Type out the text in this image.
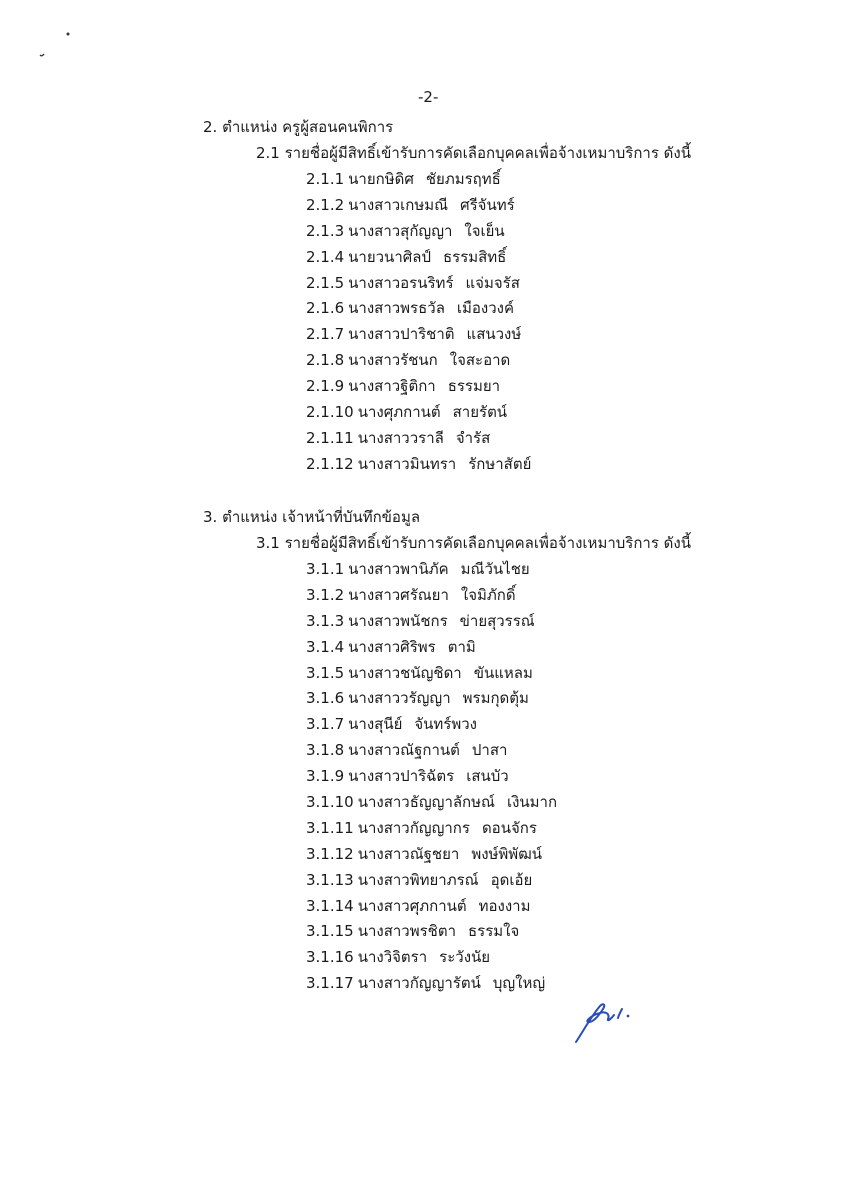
-2-
2. ตำแหน่ง ครูผู้สอนคนพิการ
2.1 รายชื่อผู้มีสิทธิ์เข้ารับการคัดเลือกบุคคลเพื่อจ้างเหมาบริการ ดังนี้
2.1.1 นายกษิดิศ ชัยภมรฤทธิ์
2.1.2 นางสาวเกษมณี ศรีจันทร์
2.1.3 นางสาวสุกัญญา ใจเย็น
2.1.4 นายวนาศิลป์ ธรรมสิทธิ์
2.1.5 นางสาวอรนริทร์ แจ่มจรัส
2.1.6 นางสาวพรธวัล เมืองวงค์
2.1.7 นางสาวปาริชาติ แสนวงษ์
2.1.8 นางสาวรัชนก ใจสะอาด
2.1.9 นางสาวฐิติกา ธรรมยา
2.1.10 นางศุภกานต์ สายรัตน์
2.1.11 นางสาววราลี จำรัส
2.1.12 นางสาวมินทรา รักษาสัตย์
3. ตำแหน่ง เจ้าหน้าที่บันทึกข้อมูล
3.1 รายชื่อผู้มีสิทธิ์เข้ารับการคัดเลือกบุคคลเพื่อจ้างเหมาบริการ ดังนี้
3.1.1 นางสาวพานิภัค มณีวันไชย
3.1.2 นางสาวศรัณยา ใจมิภักดิ์
3.1.3 นางสาวพนัชกร ข่ายสุวรรณ์
3.1.4 นางสาวศิริพร ตามิ
3.1.5 นางสาวชนัญชิดา ขันแหลม
3.1.6 นางสาววรัญญา พรมกุดตุ้ม
3.1.7 นางสุนีย์ จันทร์พวง
3.1.8 นางสาวณัฐกานต์ ปาสา
3.1.9 นางสาวปาริฉัตร เสนบัว
3.1.10 นางสาวธัญญาลักษณ์ เงินมาก
3.1.11 นางสาวกัญญากร ดอนจักร
3.1.12 นางสาวณัฐชยา พงษ์พิพัฒน์
3.1.13 นางสาวพิทยาภรณ์ อุดเอ้ย
3.1.14 นางสาวศุภกานต์ ทองงาม
3.1.15 นางสาวพรชิตา ธรรมใจ
3.1.16 นางวิจิตรา ระวังนัย
3.1.17 นางสาวกัญญารัตน์ บุญใหญ่
